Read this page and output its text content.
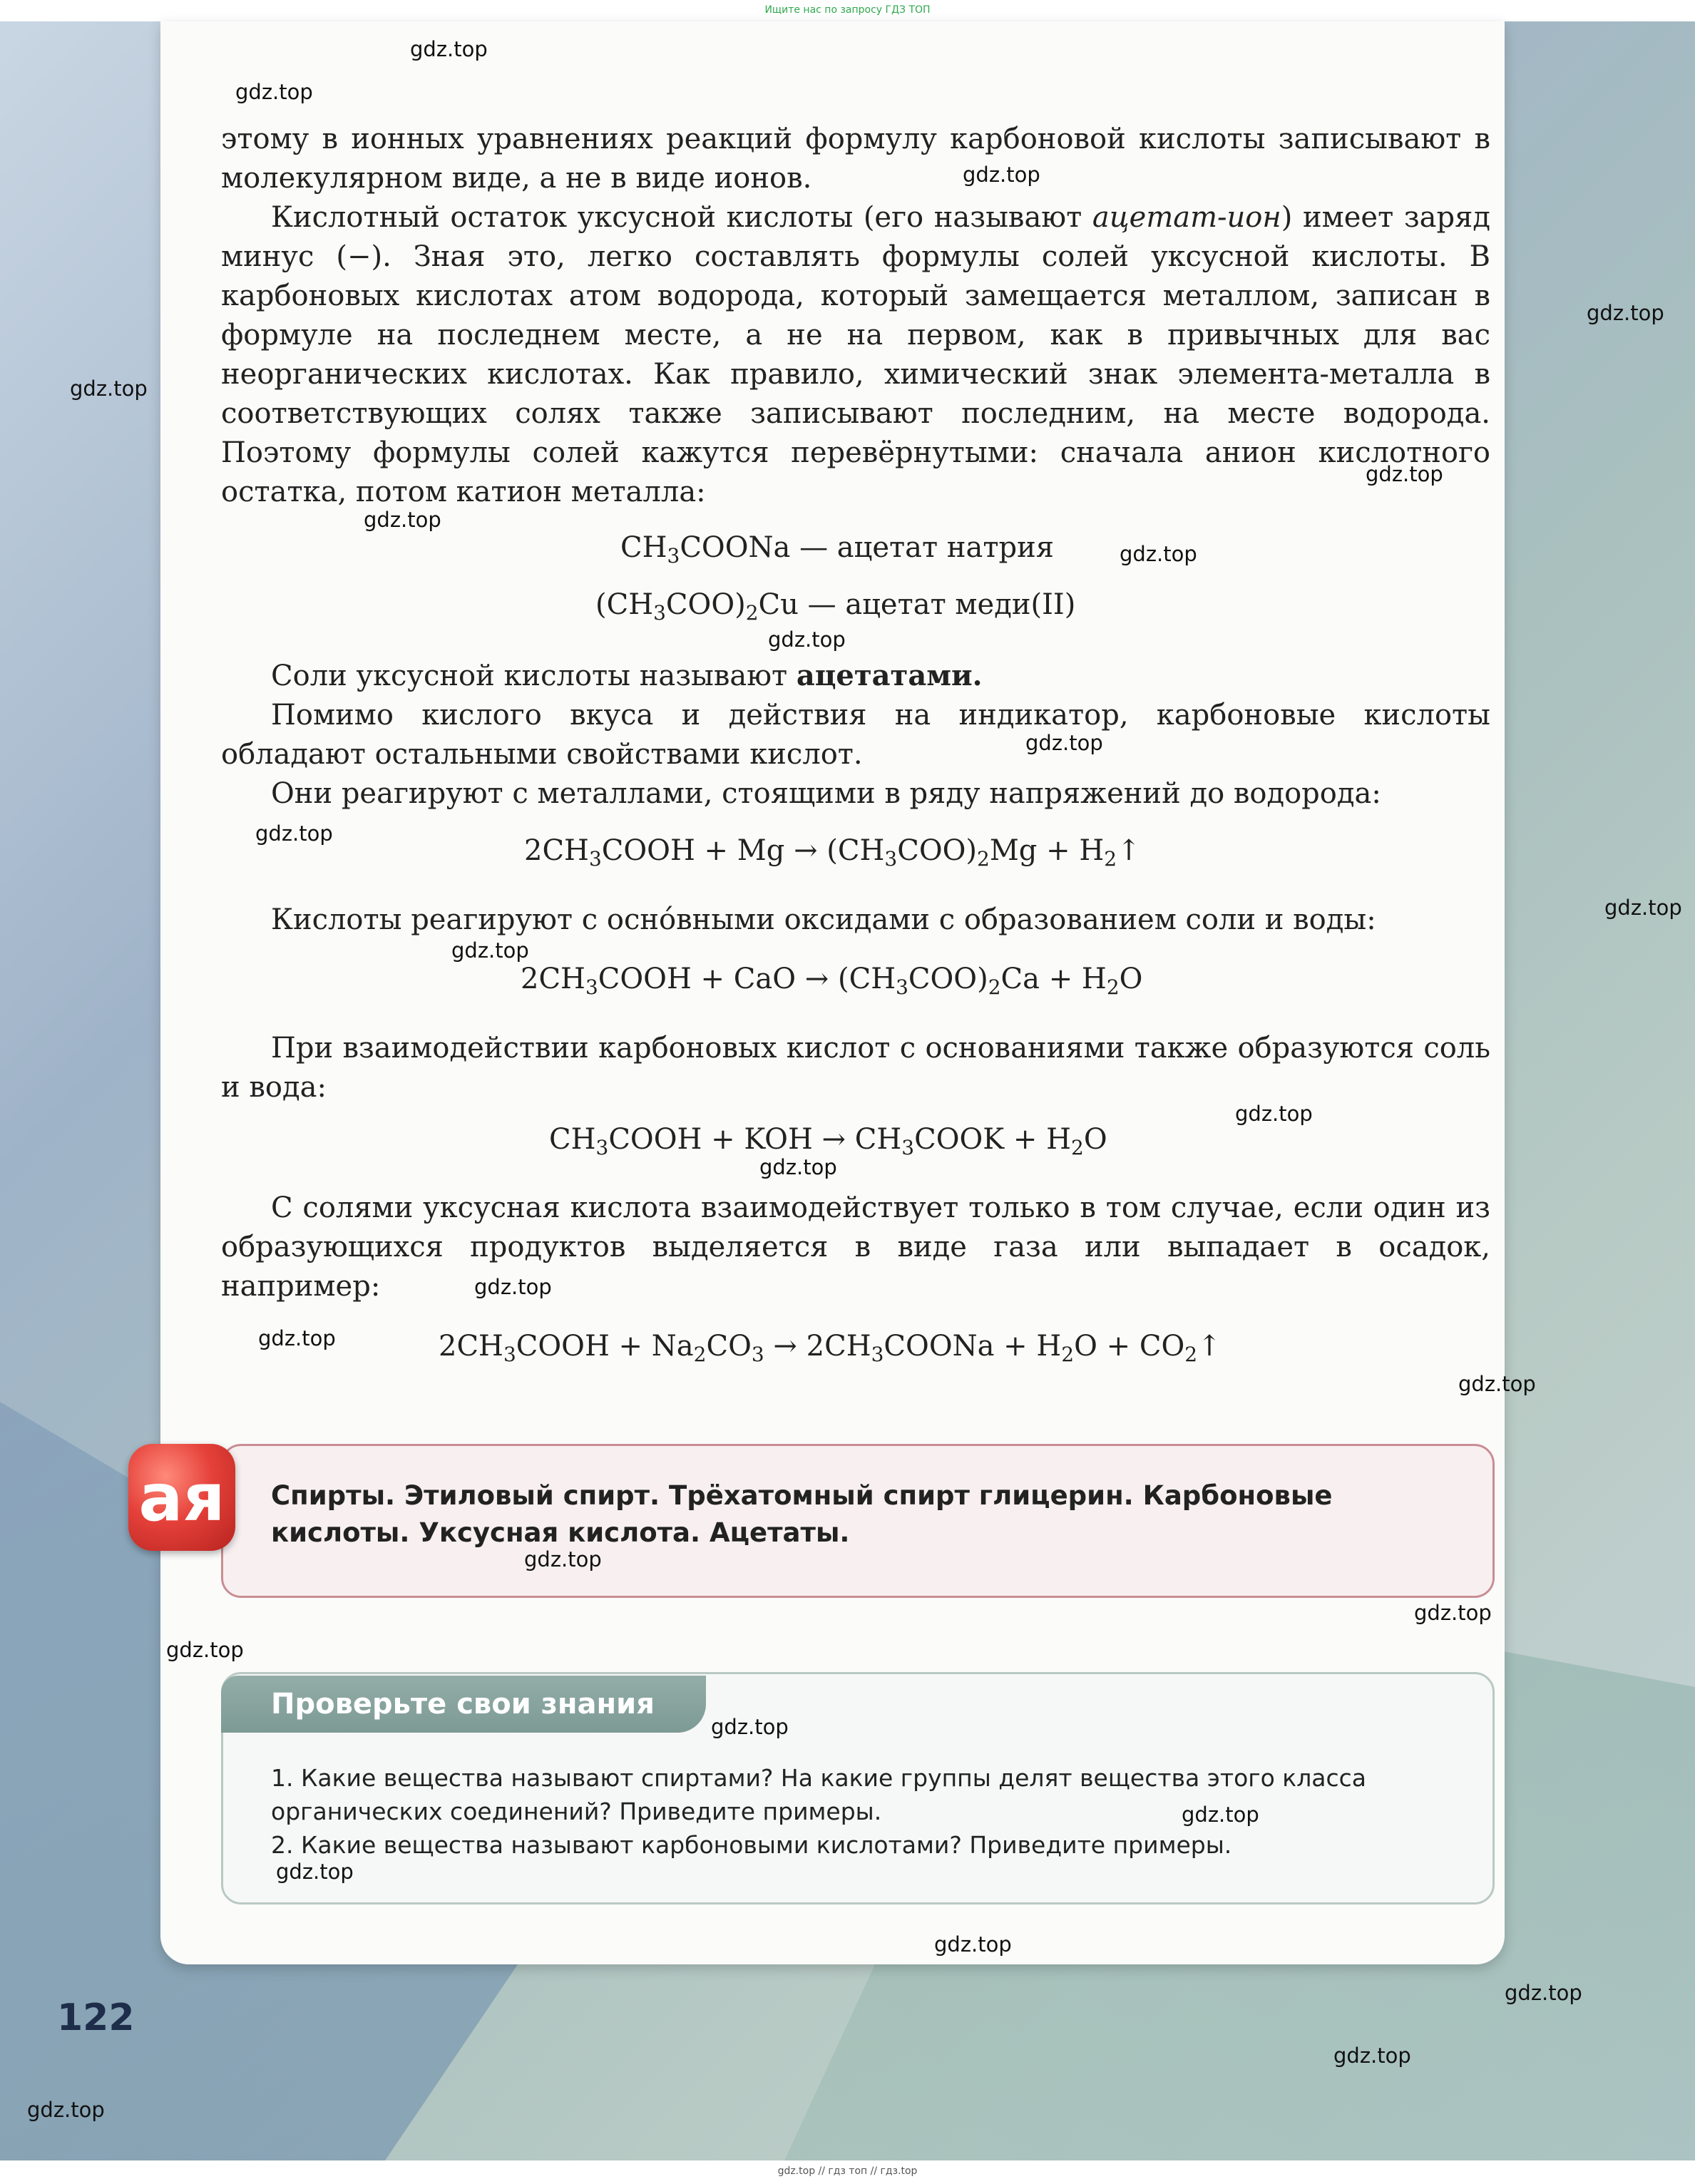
Ищите нас по запросу ГДЗ ТОП

этому в ионных уравнениях реакций формулу карбоновой кислоты записывают в молекулярном виде, а не в виде ионов.

Кислотный остаток уксусной кислоты (его называют ацетат-ион) имеет заряд минус (−). Зная это, легко составлять формулы солей уксусной кислоты. В карбоновых кислотах атом водорода, который замещается металлом, записан в формуле на последнем месте, а не на первом, как в привычных для вас неорганических кислотах. Как правило, химический знак элемента-металла в соответствующих солях также записывают последним, на месте водорода. Поэтому формулы солей кажутся перевёрнутыми: сначала анион кислотного остатка, потом катион металла:

$CH_3COONa$ — ацетат натрия
$(CH_3COO)_2Cu$ — ацетат меди(II)

Соли уксусной кислоты называют ацетатами.

Помимо кислого вкуса и действия на индикатор, карбоновые кислоты обладают остальными свойствами кислот.

Они реагируют с металлами, стоящими в ряду напряжений до водорода:

$2CH_3COOH + Mg \to (CH_3COO)_2Mg$ + $H_2↑$

Кислоты реагируют с осно́вными оксидами с образованием соли и воды:

$2CH_3COOH$ + CaO → $(CH_3COO)_2Ca + H_2O$

При взаимодействии карбоновых кислот с основаниями также образуются соль и вода:

$CH_3COOH$ + KOH → $CH_3COOK + H_2O$

С солями уксусная кислота взаимодействует только в том случае, если один из образующихся продуктов выделяется в виде газа или выпадает в осадок, например:

$2CH_3COOH + Na_2CO_3$ → $2CH_3COONa + H_2O$ + $CO_2↑$
ая	Спирты. Этиловый спирт. Трёхатомный спирт глицерин. Карбоновые кислоты. Уксусная кислота. Ацетаты.
Проверьте свои знания

1. Какие вещества называют спиртами? На какие группы делят вещества этого класса органических соединений? Приведите примеры.

2. Какие вещества называют карбоновыми кислотами? Приведите примеры.

122
gdz.top
gdz.top
gdz.top
gdz.top
gdz.top
gdz.top
gdz.top
gdz.top
gdz.top
gdz.top
gdz.top
gdz.top
gdz.top
gdz.top
gdz.top
gdz.top
gdz.top
gdz.top
gdz.top
gdz.top
gdz.top
gdz.top
gdz.top
gdz.top
gdz.top
gdz.top
gdz.top
gdz.top
gdz.top // гдз топ // гдз.top
